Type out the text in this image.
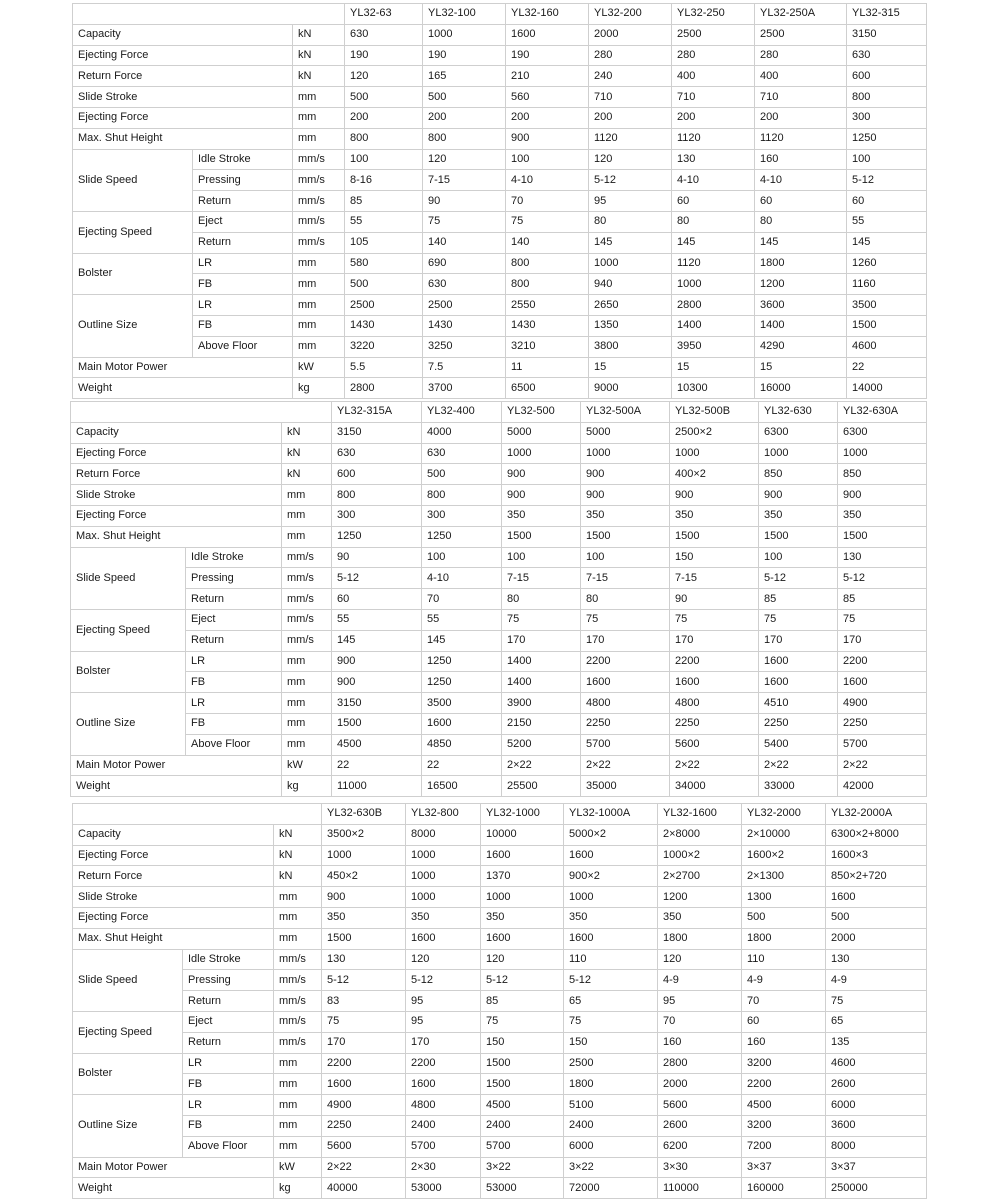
			YL32-63	YL32-100	YL32-160	YL32-200	YL32-250	YL32-250A	YL32-315
Capacity		kN	630	1000	1600	2000	2500	2500	3150
Ejecting Force		kN	190	190	190	280	280	280	630
Return Force		kN	120	165	210	240	400	400	600
Slide Stroke		mm	500	500	560	710	710	710	800
Ejecting Force		mm	200	200	200	200	200	200	300
Max. Shut Height		mm	800	800	900	1120	1120	1120	1250
Slide Speed	Idle Stroke	mm/s	100	120	100	120	130	160	100
	Pressing	mm/s	8-16	7-15	4-10	5-12	4-10	4-10	5-12
	Return	mm/s	85	90	70	95	60	60	60
Ejecting Speed	Eject	mm/s	55	75	75	80	80	80	55
	Return	mm/s	105	140	140	145	145	145	145
Bolster	LR	mm	580	690	800	1000	1120	1800	1260
	FB	mm	500	630	800	940	1000	1200	1160
Outline Size	LR	mm	2500	2500	2550	2650	2800	3600	3500
	FB	mm	1430	1430	1430	1350	1400	1400	1500
	Above Floor	mm	3220	3250	3210	3800	3950	4290	4600
Main Motor Power		kW	5.5	7.5	11	15	15	15	22
Weight		kg	2800	3700	6500	9000	10300	16000	14000
			YL32-315A	YL32-400	YL32-500	YL32-500A	YL32-500B	YL32-630	YL32-630A
Capacity		kN	3150	4000	5000	5000	2500×2	6300	6300
Ejecting Force		kN	630	630	1000	1000	1000	1000	1000
Return Force		kN	600	500	900	900	400×2	850	850
Slide Stroke		mm	800	800	900	900	900	900	900
Ejecting Force		mm	300	300	350	350	350	350	350
Max. Shut Height		mm	1250	1250	1500	1500	1500	1500	1500
Slide Speed	Idle Stroke	mm/s	90	100	100	100	150	100	130
	Pressing	mm/s	5-12	4-10	7-15	7-15	7-15	5-12	5-12
	Return	mm/s	60	70	80	80	90	85	85
Ejecting Speed	Eject	mm/s	55	55	75	75	75	75	75
	Return	mm/s	145	145	170	170	170	170	170
Bolster	LR	mm	900	1250	1400	2200	2200	1600	2200
	FB	mm	900	1250	1400	1600	1600	1600	1600
Outline Size	LR	mm	3150	3500	3900	4800	4800	4510	4900
	FB	mm	1500	1600	2150	2250	2250	2250	2250
	Above Floor	mm	4500	4850	5200	5700	5600	5400	5700
Main Motor Power		kW	22	22	2×22	2×22	2×22	2×22	2×22
Weight		kg	11000	16500	25500	35000	34000	33000	42000
			YL32-630B	YL32-800	YL32-1000	YL32-1000A	YL32-1600	YL32-2000	YL32-2000A
Capacity		kN	3500×2	8000	10000	5000×2	2×8000	2×10000	6300×2+8000
Ejecting Force		kN	1000	1000	1600	1600	1000×2	1600×2	1600×3
Return Force		kN	450×2	1000	1370	900×2	2×2700	2×1300	850×2+720
Slide Stroke		mm	900	1000	1000	1000	1200	1300	1600
Ejecting Force		mm	350	350	350	350	350	500	500
Max. Shut Height		mm	1500	1600	1600	1600	1800	1800	2000
Slide Speed	Idle Stroke	mm/s	130	120	120	110	120	110	130
	Pressing	mm/s	5-12	5-12	5-12	5-12	4-9	4-9	4-9
	Return	mm/s	83	95	85	65	95	70	75
Ejecting Speed	Eject	mm/s	75	95	75	75	70	60	65
	Return	mm/s	170	170	150	150	160	160	135
Bolster	LR	mm	2200	2200	1500	2500	2800	3200	4600
	FB	mm	1600	1600	1500	1800	2000	2200	2600
Outline Size	LR	mm	4900	4800	4500	5100	5600	4500	6000
	FB	mm	2250	2400	2400	2400	2600	3200	3600
	Above Floor	mm	5600	5700	5700	6000	6200	7200	8000
Main Motor Power		kW	2×22	2×30	3×22	3×22	3×30	3×37	3×37
Weight		kg	40000	53000	53000	72000	110000	160000	250000
